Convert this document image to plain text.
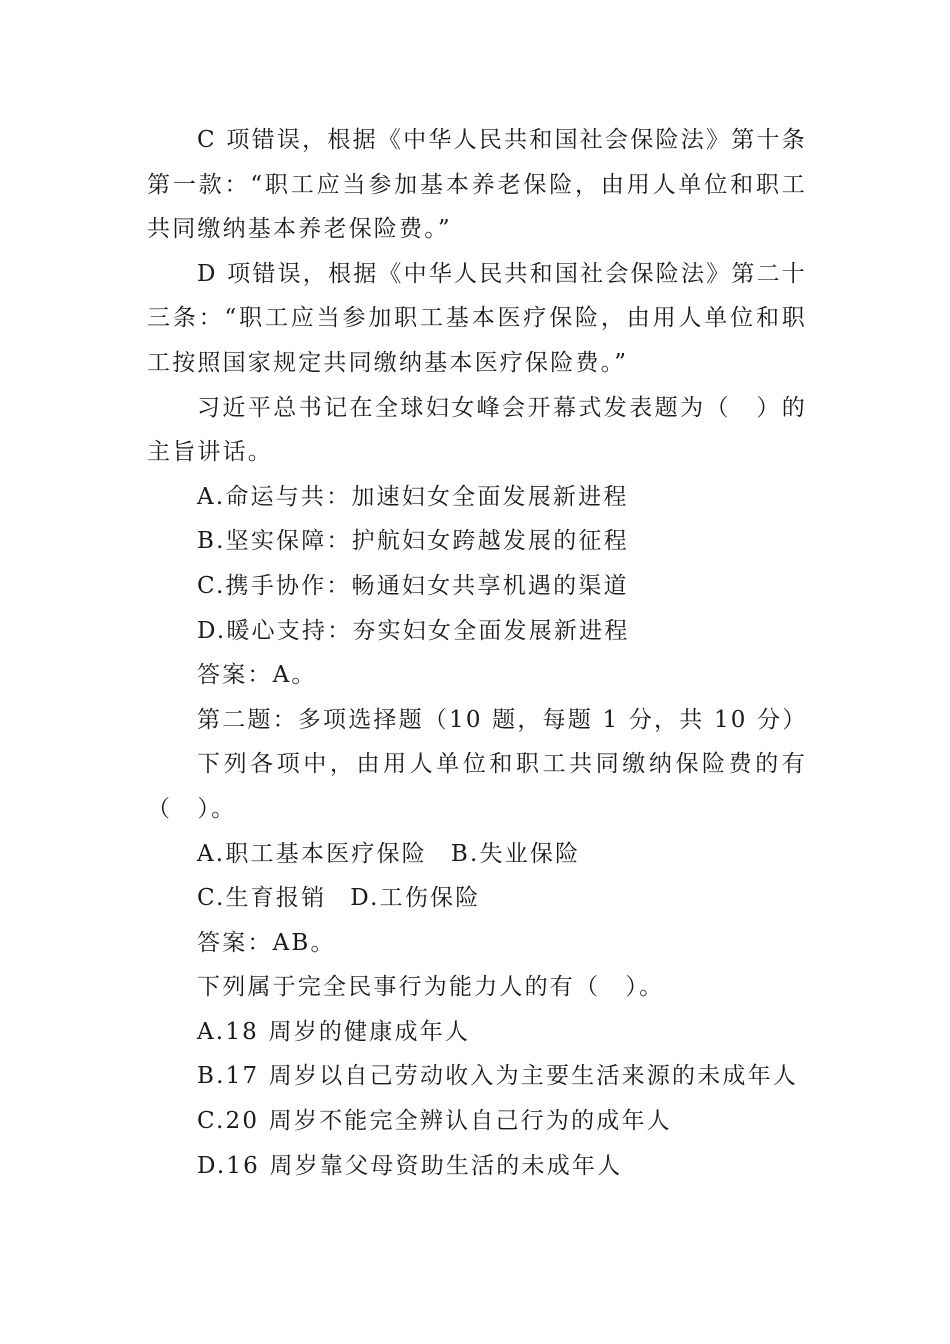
C 项错误，根据《中华人民共和国社会保险法》第十条第一款：“职工应当参加基本养老保险，由用人单位和职工共同缴纳基本养老保险费。”

D 项错误，根据《中华人民共和国社会保险法》第二十三条：“职工应当参加职工基本医疗保险，由用人单位和职工按照国家规定共同缴纳基本医疗保险费。”

习近平总书记在全球妇女峰会开幕式发表题为（　）的主旨讲话。

A.命运与共：加速妇女全面发展新进程

B.坚实保障：护航妇女跨越发展的征程

C.携手协作：畅通妇女共享机遇的渠道

D.暖心支持：夯实妇女全面发展新进程

答案：A。

第二题：多项选择题（10 题，每题 1 分，共 10 分）

下列各项中，由用人单位和职工共同缴纳保险费的有（　）。

A.职工基本医疗保险 B.失业保险

C.生育报销 D.工伤保险

答案：AB。

下列属于完全民事行为能力人的有（　）。

A.18 周岁的健康成年人

B.17 周岁以自己劳动收入为主要生活来源的未成年人

C.20 周岁不能完全辨认自己行为的成年人

D.16 周岁靠父母资助生活的未成年人
